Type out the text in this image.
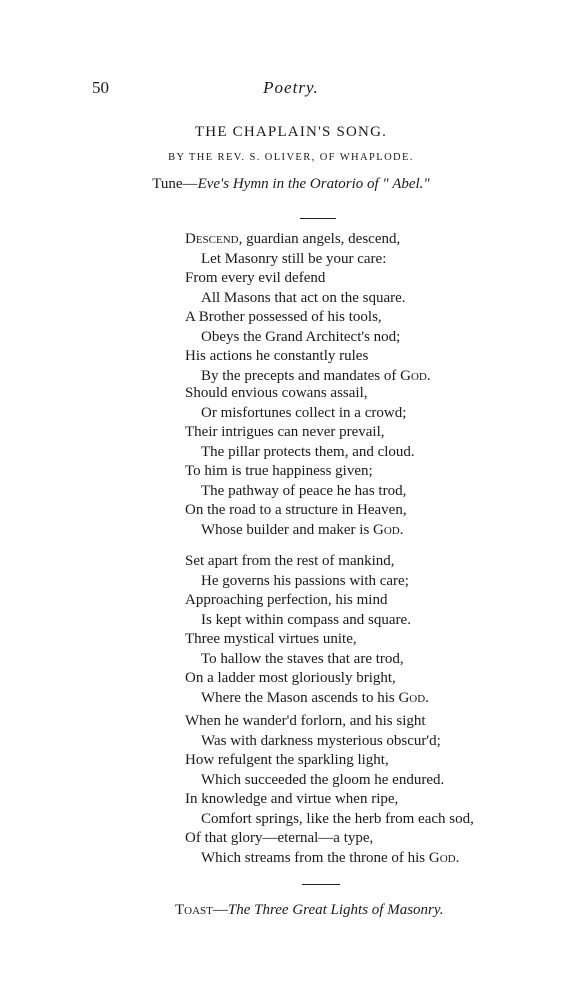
50	Poetry.
THE CHAPLAIN'S SONG.
BY THE REV. S. OLIVER, OF WHAPLODE.
Tune—Eve's Hymn in the Oratorio of " Abel."
Descend, guardian angels, descend,
Let Masonry still be your care:
From every evil defend
All Masons that act on the square.
A Brother possessed of his tools,
Obeys the Grand Architect's nod;
His actions he constantly rules
By the precepts and mandates of God.
Should envious cowans assail,
Or misfortunes collect in a crowd;
Their intrigues can never prevail,
The pillar protects them, and cloud.
To him is true happiness given;
The pathway of peace he has trod,
On the road to a structure in Heaven,
Whose builder and maker is God.
Set apart from the rest of mankind,
He governs his passions with care;
Approaching perfection, his mind
Is kept within compass and square.
Three mystical virtues unite,
To hallow the staves that are trod,
On a ladder most gloriously bright,
Where the Mason ascends to his God.
When he wander'd forlorn, and his sight
Was with darkness mysterious obscur'd;
How refulgent the sparkling light,
Which succeeded the gloom he endured.
In knowledge and virtue when ripe,
Comfort springs, like the herb from each sod,
Of that glory—eternal—a type,
Which streams from the throne of his God.
Toast—The Three Great Lights of Masonry.
